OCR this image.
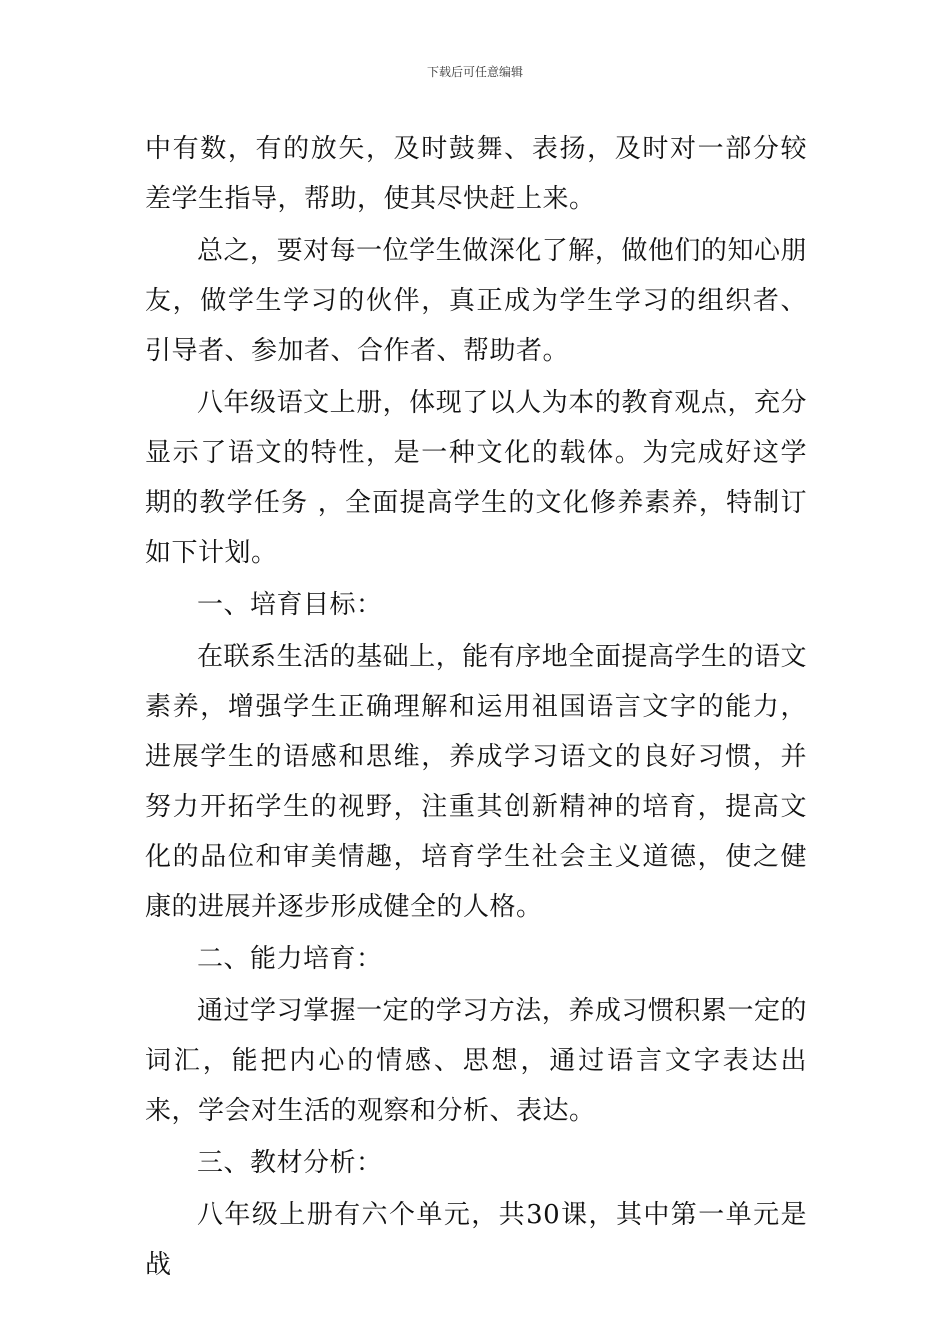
下载后可任意编辑

中有数，有的放矢，及时鼓舞、表扬，及时对一部分较差学生指导，帮助，使其尽快赶上来。

总之，要对每一位学生做深化了解，做他们的知心朋友，做学生学习的伙伴，真正成为学生学习的组织者、引导者、参加者、合作者、帮助者。

八年级语文上册，体现了以人为本的教育观点，充分显示了语文的特性，是一种文化的载体。为完成好这学期的教学任务 ，全面提高学生的文化修养素养，特制订如下计划。

一、培育目标：

在联系生活的基础上，能有序地全面提高学生的语文素养，增强学生正确理解和运用祖国语言文字的能力，进展学生的语感和思维，养成学习语文的良好习惯，并努力开拓学生的视野，注重其创新精神的培育，提高文化的品位和审美情趣，培育学生社会主义道德，使之健康的进展并逐步形成健全的人格。

二、能力培育：

通过学习掌握一定的学习方法，养成习惯积累一定的词汇，能把内心的情感、思想，通过语言文字表达出来，学会对生活的观察和分析、表达。

三、教材分析：

八年级上册有六个单元，共30课，其中第一单元是战
